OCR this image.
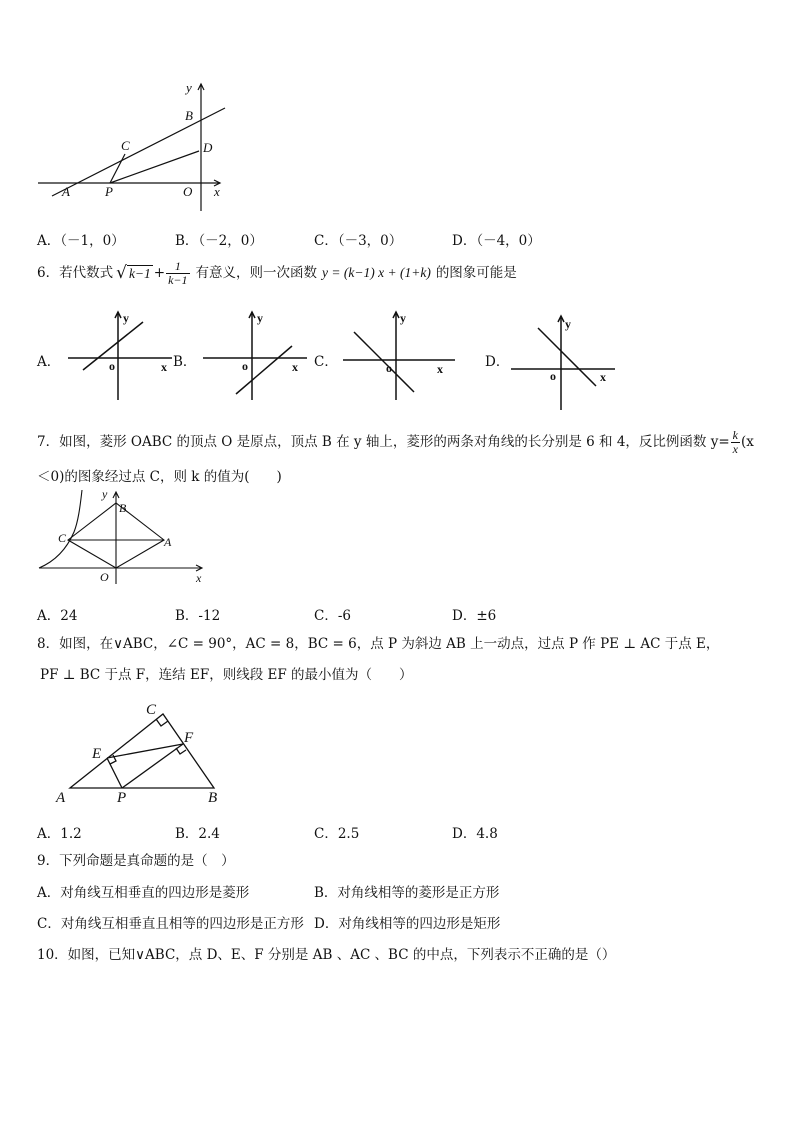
y
B
C	D
A	P	O x
A．（－1，0）	B．（－2，0）	C．（－3，0）	D．（－4，0）
6．若代数式 √ $k-1 + \frac{1}{k-1}$ 有意义，则一次函数 y = (k−1) x + (1+k) 的图象可能是
A．	B．	C．	D．
y
o	x
y
o	x
y
o	x
y
o	x
7．如图，菱形 OABC 的顶点 O 是原点，顶点 B 在 y 轴上，菱形的两条对角线的长分别是 6 和 4，反比例函数 $y= \frac{k}{x} (x$
＜0)的图象经过点 C，则 k 的值为(　　)
y
B
C	A
O	x
A．24	B．-12	C．-6	D．±6
8．如图，在∨ABC，∠C = 90°，AC = 8，BC = 6，点 P 为斜边 AB 上一动点，过点 P 作 PE ⊥ AC 于点 E，
PF ⊥ BC 于点 F，连结 EF，则线段 EF 的最小值为（　　）
C
E
F
A	P	B
A．1.2	B．2.4	C．2.5	D．4.8
9．下列命题是真命题的是（　）
A．对角线互相垂直的四边形是菱形	B．对角线相等的菱形是正方形
C．对角线互相垂直且相等的四边形是正方形 D．对角线相等的四边形是矩形
10．如图，已知∨ABC，点 D、E、F 分别是 AB 、AC 、BC 的中点，下列表示不正确的是（）
